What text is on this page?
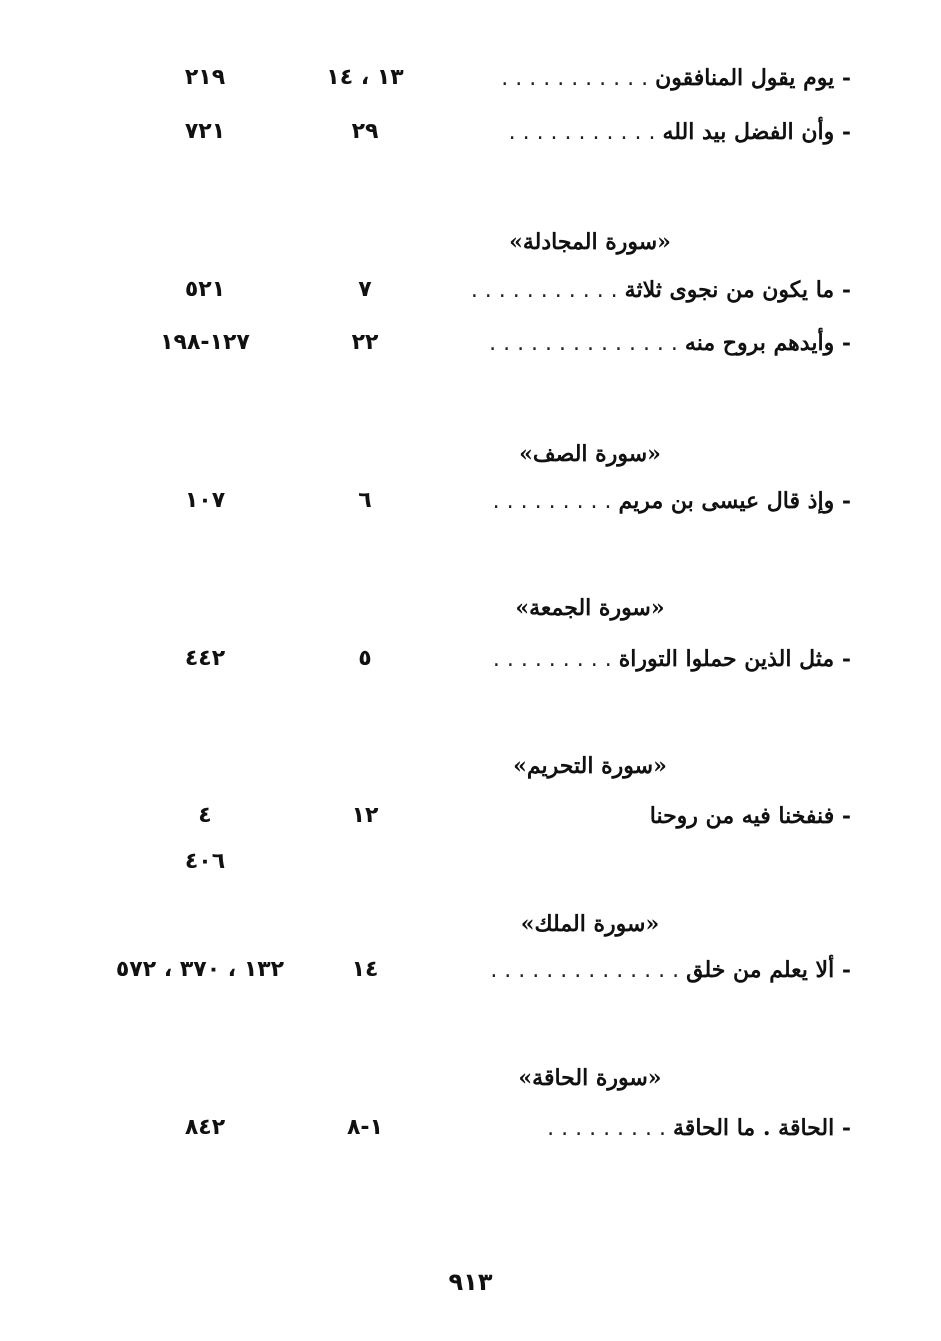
- يوم يقول المنافقون . . . . . . . . . . .
١٣ ، ١٤
٢١٩
- وأن الفضل بيد الله . . . . . . . . . . .
٢٩
٧٢١
«سورة المجادلة»
- ما يكون من نجوى ثلاثة . . . . . . . . . . .
٧
٥٢١
- وأيدهم بروح منه . . . . . . . . . . . . . .
٢٢
١٢٧-١٩٨
«سورة الصف»
- وإذ قال عيسى بن مريم . . . . . . . . .
٦
١٠٧
«سورة الجمعة»
- مثل الذين حملوا التوراة . . . . . . . . .
٥
٤٤٢
«سورة التحريم»
- فنفخنا فيه من روحنا
١٢
٤
٤٠٦
«سورة الملك»
- ألا يعلم من خلق . . . . . . . . . . . . . .
١٤
١٣٢ ، ٣٧٠ ، ٥٧٢
«سورة الحاقة»
- الحاقة . ما الحاقة . . . . . . . . .
١-٨
٨٤٢
٩١٣
